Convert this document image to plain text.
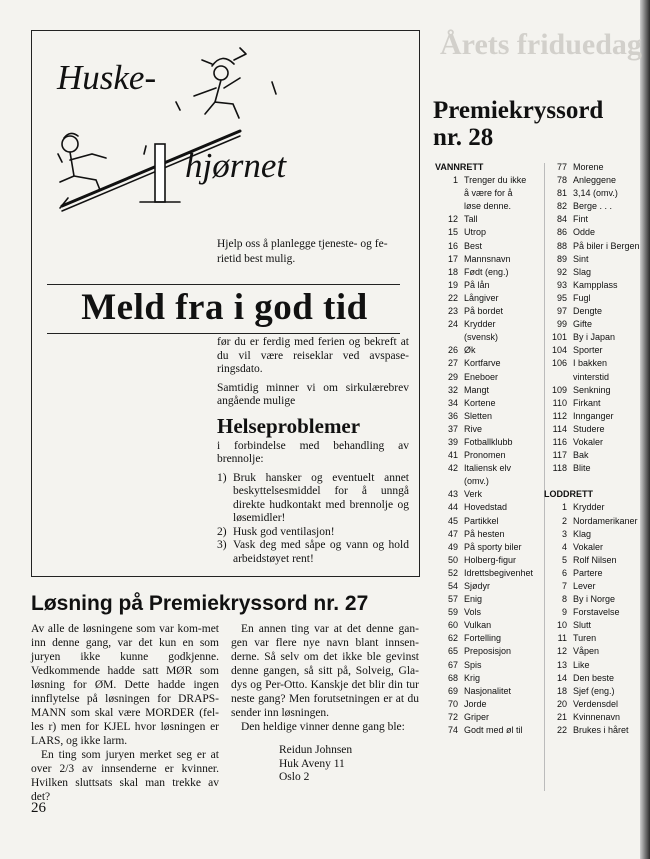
Årets friduedag
Huske-
hjørnet
Hjelp oss å planlegge tjeneste- og fe-rietid best mulig.
Meld fra i god tid

før du er ferdig med ferien og bekreft at du vil være reiseklar ved avspase-ringsdato.

Samtidig minner vi om sirkulærebrev angående mulige

Helseproblemer

i forbindelse med behandling av brennolje:

1) Bruk hansker og eventuelt annet beskyttelsesmiddel for å unngå direkte hudkontakt med brennolje og løsemidler!
2) Husk god ventilasjon!
3) Vask deg med såpe og vann og hold arbeidstøyet rent!
Løsning på Premiekryssord nr. 27

Av alle de løsningene som var kom-met inn denne gang, var det kun en som juryen ikke kunne godkjenne. Vedkommende hadde satt MØR som løsning for ØM. Dette hadde ingen innflytelse på løsningen for DRAPS-MANN som skal være MORDER (fel-les r) men for KJEL hvor løsningen er LARS, og ikke larm.

En ting som juryen merket seg er at over 2/3 av innsenderne er kvinner. Hvilken sluttsats skal man trekke av det?

En annen ting var at det denne gan-gen var flere nye navn blant innsen-derne. Så selv om det ikke ble gevinst denne gangen, så sitt på, Solveig, Gla-dys og Per-Otto. Kanskje det blir din tur neste gang? Men forutsetningen er at du sender inn løsningen.

Den heldige vinner denne gang ble:

Reidun Johnsen
Huk Aveny 11
Oslo 2
26
Premiekryssord
nr. 28
VANNRETT
1 Trenger du ikke
å være for å
løse denne.
12 Tall
15 Utrop
16 Best
17 Mannsnavn
18 Født (eng.)
19 På lån
22 Långiver
23 På bordet
24 Krydder
(svensk)
26 Øk
27 Kortfarve
29 Eneboer
32 Mangt
34 Kortene
36 Sletten
37 Rive
39 Fotballklubb
41 Pronomen
42 Italiensk elv
(omv.)
43 Verk
44 Hovedstad
45 Partikkel
47 På hesten
49 På sporty biler
50 Holberg-figur
52 Idrettsbegivenhet
54 Sjødyr
57 Enig
59 Vols
60 Vulkan
62 Fortelling
65 Preposisjon
67 Spis
68 Krig
69 Nasjonalitet
70 Jorde
72 Griper
74 Godt med øl til
77 Morene
78 Anleggene
81 3,14 (omv.)
82 Berge . . .
84 Fint
86 Odde
88 På biler i Bergen
89 Sint
92 Slag
93 Kampplass
95 Fugl
97 Dengte
99 Gifte
101 By i Japan
104 Sporter
106 I bakken
vinterstid
109 Senkning
110 Firkant
112 Innganger
114 Studere
116 Vokaler
117 Bak
118 Blite
LODDRETT
1 Krydder
2 Nordamerikaner
3 Klag
4 Vokaler
5 Rolf Nilsen
6 Partere
7 Lever
8 By i Norge
9 Forstavelse
10 Slutt
11 Turen
12 Våpen
13 Like
14 Den beste
18 Sjef (eng.)
20 Verdensdel
21 Kvinnenavn
22 Brukes i håret
